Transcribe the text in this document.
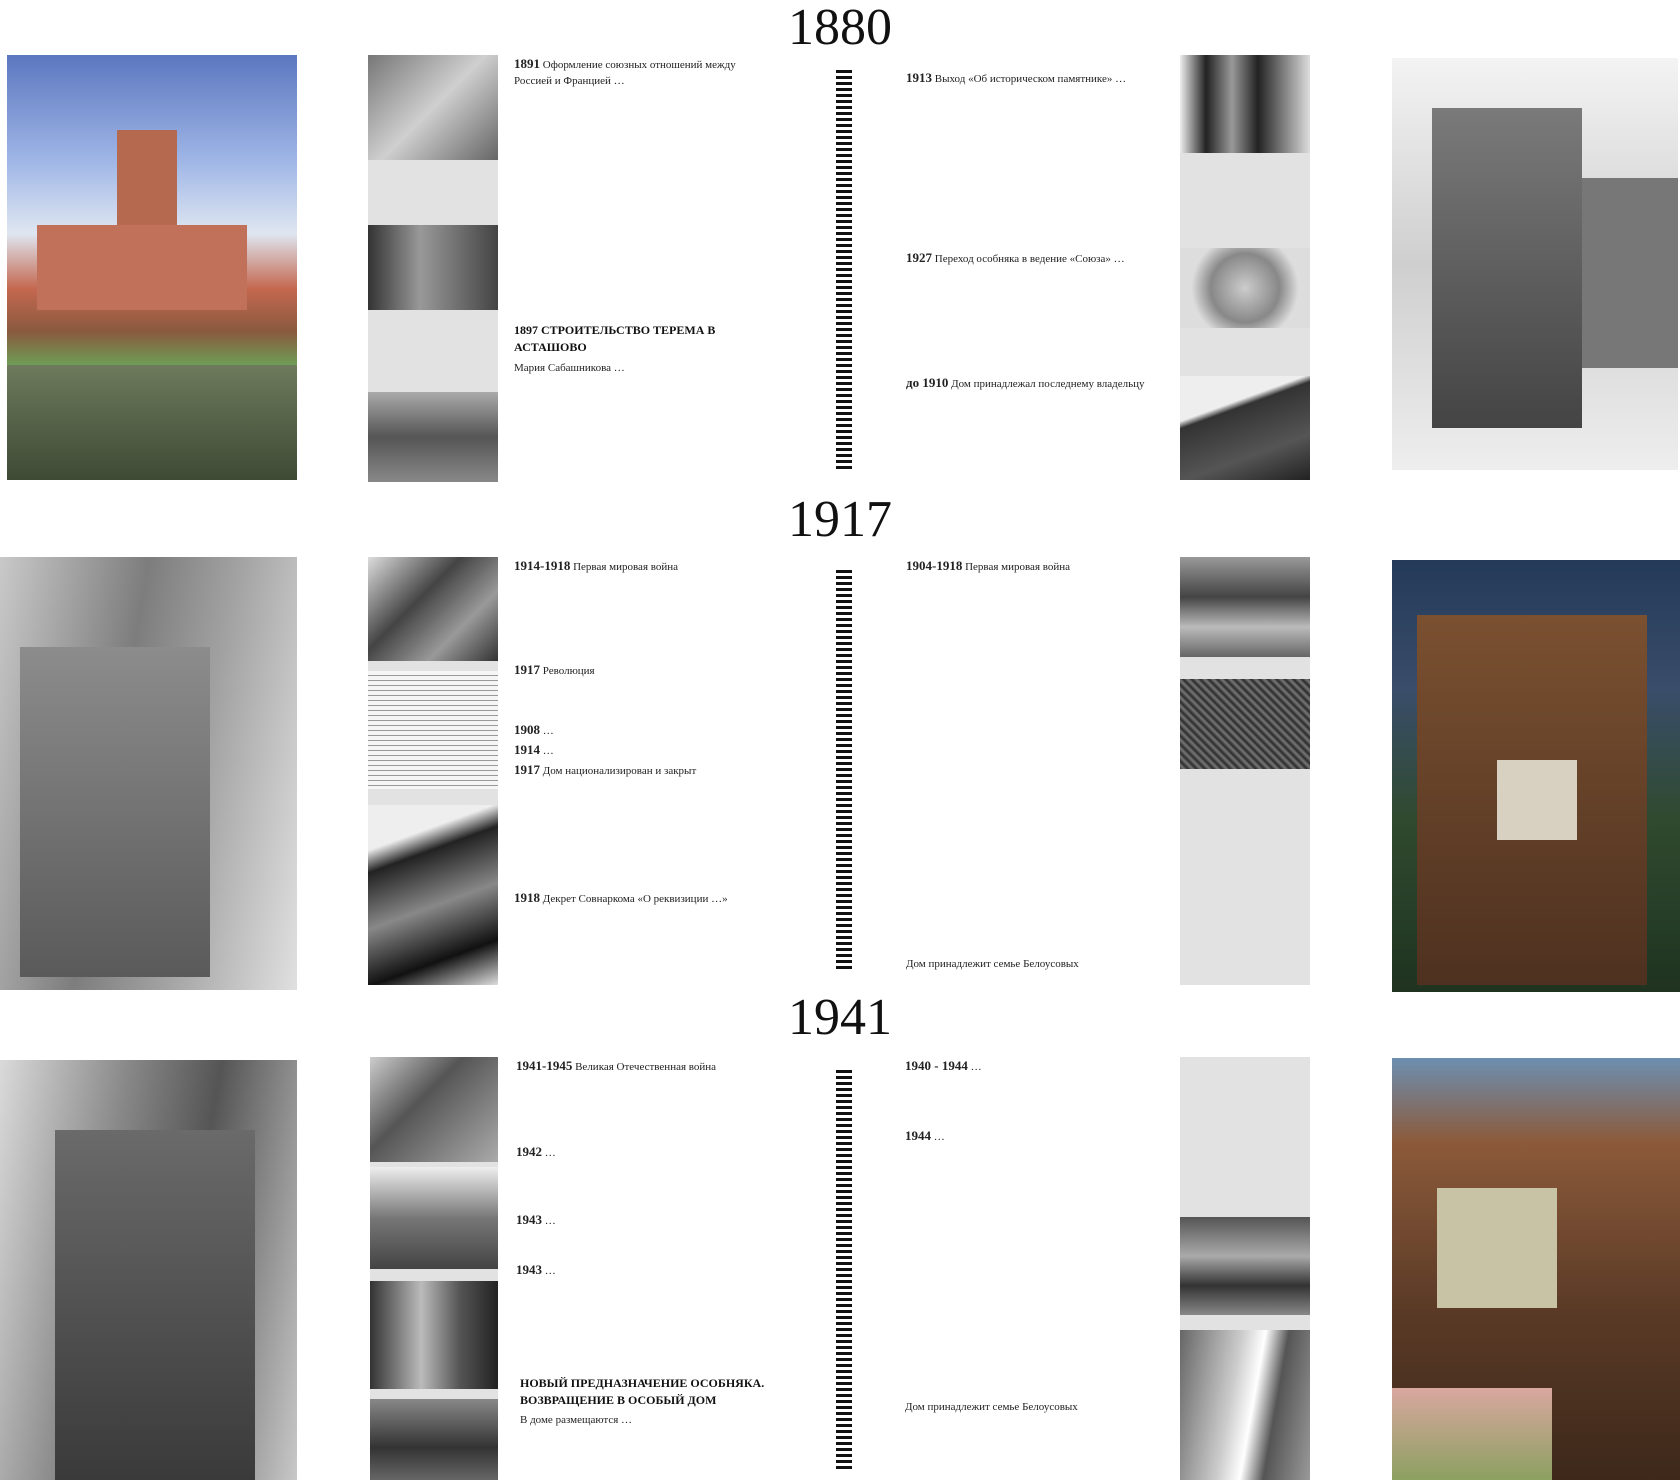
1880
1917
1941
1891 Оформление союзных отношений между Россией и Францией …
1897 СТРОИТЕЛЬСТВО ТЕРЕМА В АСТАШОВО
Мария Сабашникова …
1913 Выход «Об историческом памятнике» …
1927 Переход особняка в ведение «Союза» …
до 1910 Дом принадлежал последнему владельцу
1914-1918 Первая мировая война
1917 Революция
1908 …
1914 …
1917 Дом национализирован и закрыт
1918 Декрет Совнаркома «О реквизиции …»
1904-1918 Первая мировая война
Дом принадлежит семье Белоусовых
1941-1945 Великая Отечественная война
1942 …
1943 …
1943 …
НОВЫЙ ПРЕДНАЗНАЧЕНИЕ ОСОБНЯКА. ВОЗВРАЩЕНИЕ В ОСОБЫЙ ДОМ
В доме размещаются …
1940 - 1944 …
1944 …
Дом принадлежит семье Белоусовых
